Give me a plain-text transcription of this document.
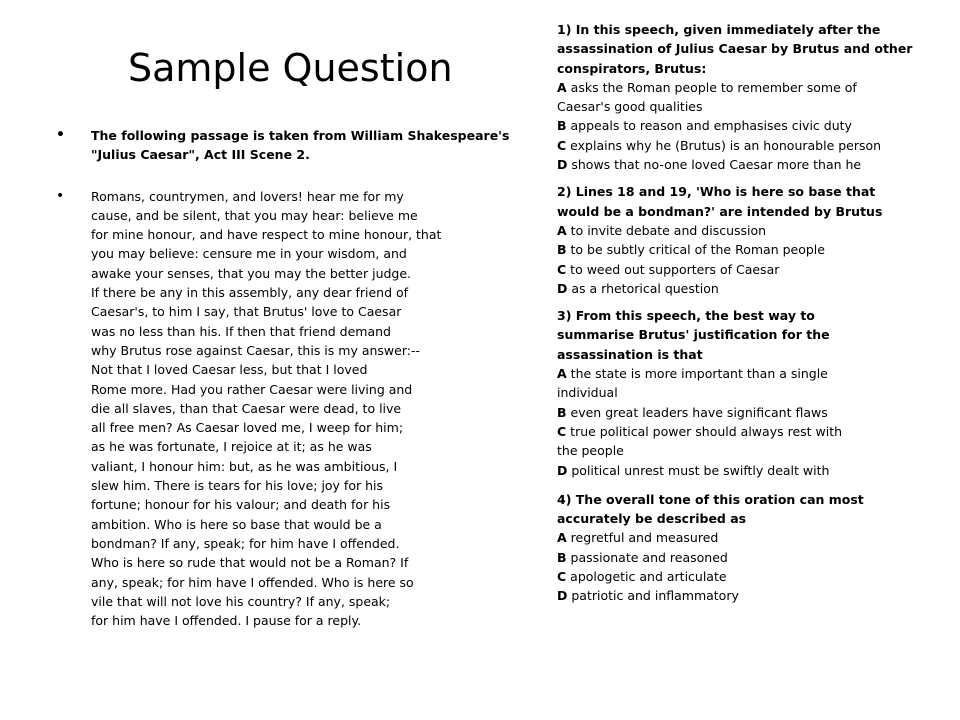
Sample Question
• The following passage is taken from William Shakespeare's
"Julius Caesar", Act III Scene 2.
• Romans, countrymen, and lovers! hear me for my
cause, and be silent, that you may hear: believe me
for mine honour, and have respect to mine honour, that
you may believe: censure me in your wisdom, and
awake your senses, that you may the better judge.
If there be any in this assembly, any dear friend of
Caesar's, to him I say, that Brutus' love to Caesar
was no less than his. If then that friend demand
why Brutus rose against Caesar, this is my answer:--
Not that I loved Caesar less, but that I loved
Rome more. Had you rather Caesar were living and
die all slaves, than that Caesar were dead, to live
all free men? As Caesar loved me, I weep for him;
as he was fortunate, I rejoice at it; as he was
valiant, I honour him: but, as he was ambitious, I
slew him. There is tears for his love; joy for his
fortune; honour for his valour; and death for his
ambition. Who is here so base that would be a
bondman? If any, speak; for him have I offended.
Who is here so rude that would not be a Roman? If
any, speak; for him have I offended. Who is here so
vile that will not love his country? If any, speak;
for him have I offended. I pause for a reply.
1) In this speech, given immediately after the
assassination of Julius Caesar by Brutus and other
conspirators, Brutus:
A asks the Roman people to remember some of
Caesar's good qualities
B appeals to reason and emphasises civic duty
C explains why he (Brutus) is an honourable person
D shows that no-one loved Caesar more than he
2) Lines 18 and 19, 'Who is here so base that
would be a bondman?' are intended by Brutus
A to invite debate and discussion
B to be subtly critical of the Roman people
C to weed out supporters of Caesar
D as a rhetorical question
3) From this speech, the best way to
summarise Brutus' justification for the
assassination is that
A the state is more important than a single
individual
B even great leaders have significant flaws
C true political power should always rest with
the people
D political unrest must be swiftly dealt with
4) The overall tone of this oration can most
accurately be described as
A regretful and measured
B passionate and reasoned
C apologetic and articulate
D patriotic and inflammatory
